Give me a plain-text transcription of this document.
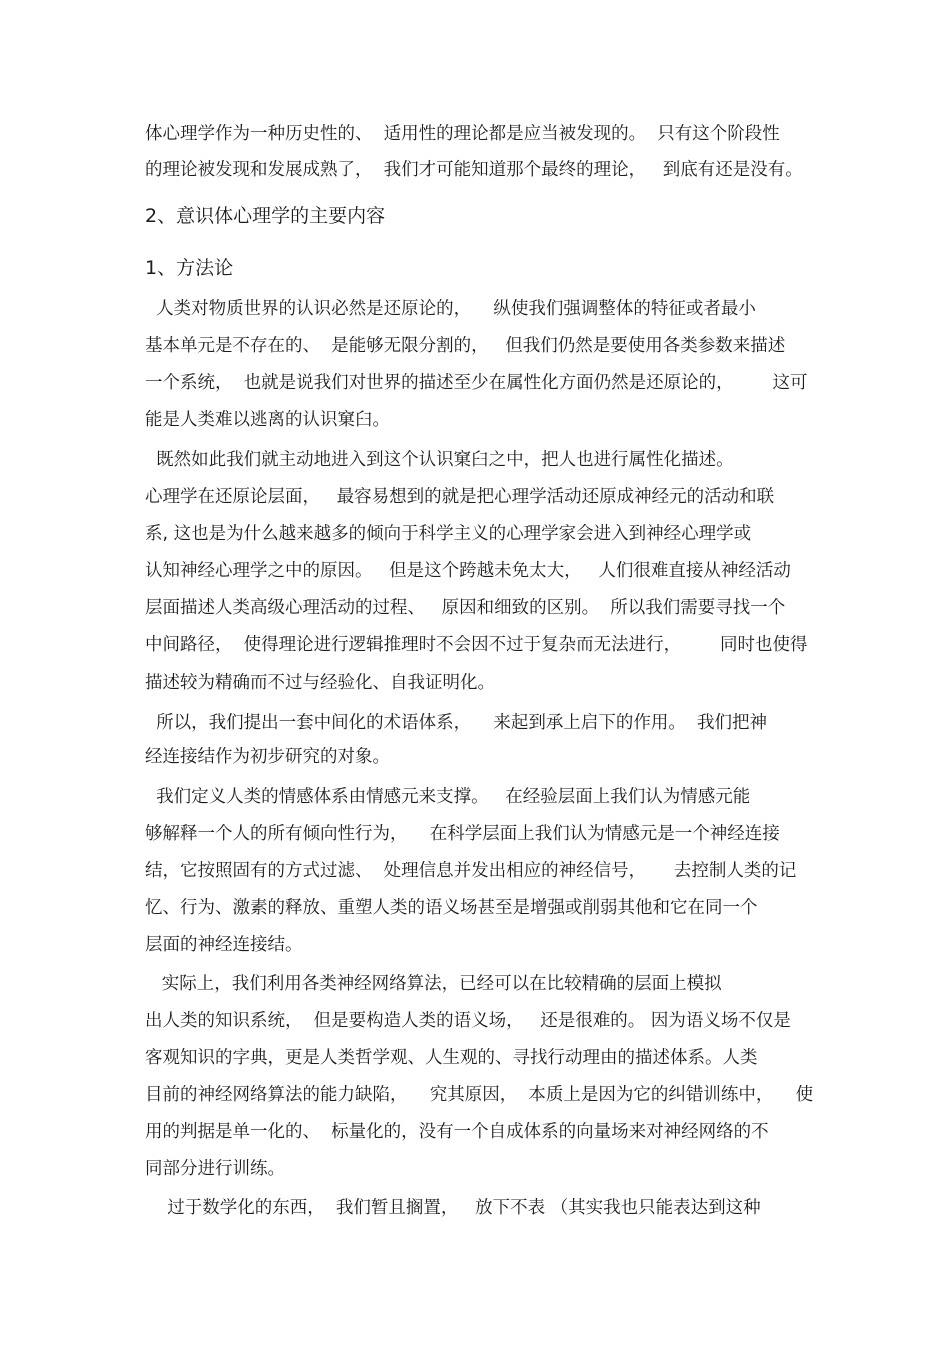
体心理学作为一种历史性的、  适用性的理论都是应当被发现的。  只有这个阶段性

的理论被发现和发展成熟了，  我们才可能知道那个最终的理论，   到底有还是没有。

2、意识体心理学的主要内容

1、方法论

人类对物质世界的认识必然是还原论的，    纵使我们强调整体的特征或者最小

基本单元是不存在的、  是能够无限分割的，   但我们仍然是要使用各类参数来描述

一个系统，  也就是说我们对世界的描述至少在属性化方面仍然是还原论的，       这可

能是人类难以逃离的认识窠臼。

既然如此我们就主动地进入到这个认识窠臼之中，把人也进行属性化描述。

心理学在还原论层面，   最容易想到的就是把心理学活动还原成神经元的活动和联

系, 这也是为什么越来越多的倾向于科学主义的心理学家会进入到神经心理学或

认知神经心理学之中的原因。   但是这个跨越未免太大，   人们很难直接从神经活动

层面描述人类高级心理活动的过程、   原因和细致的区别。  所以我们需要寻找一个

中间路径，  使得理论进行逻辑推理时不会因不过于复杂而无法进行，       同时也使得

描述较为精确而不过与经验化、自我证明化。

所以，我们提出一套中间化的术语体系，    来起到承上启下的作用。  我们把神

经连接结作为初步研究的对象。

我们定义人类的情感体系由情感元来支撑。   在经验层面上我们认为情感元能

够解释一个人的所有倾向性行为，    在科学层面上我们认为情感元是一个神经连接

结，它按照固有的方式过滤、  处理信息并发出相应的神经信号，     去控制人类的记

忆、行为、激素的释放、重塑人类的语义场甚至是增强或削弱其他和它在同一个

层面的神经连接结。

实际上，我们利用各类神经网络算法，已经可以在比较精确的层面上模拟

出人类的知识系统，  但是要构造人类的语义场，   还是很难的。 因为语义场不仅是

客观知识的字典，更是人类哲学观、人生观的、寻找行动理由的描述体系。人类

目前的神经网络算法的能力缺陷，    究其原因，  本质上是因为它的纠错训练中，    使

用的判据是单一化的、  标量化的，没有一个自成体系的向量场来对神经网络的不

同部分进行训练。

过于数学化的东西，  我们暂且搁置，   放下不表 （其实我也只能表达到这种
